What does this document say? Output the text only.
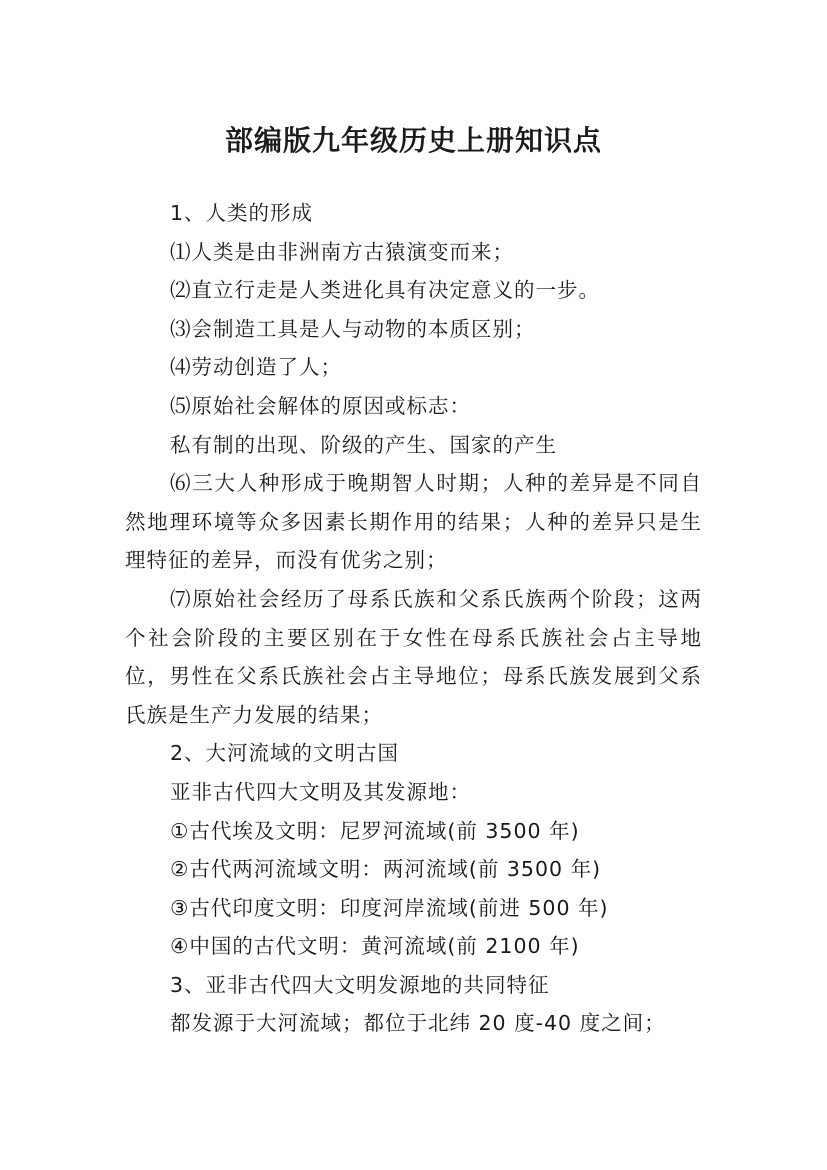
部编版九年级历史上册知识点

1、人类的形成

⑴人类是由非洲南方古猿演变而来；

⑵直立行走是人类进化具有决定意义的一步。

⑶会制造工具是人与动物的本质区别；

⑷劳动创造了人；

⑸原始社会解体的原因或标志：

私有制的出现、阶级的产生、国家的产生

⑹三大人种形成于晚期智人时期；人种的差异是不同自然地理环境等众多因素长期作用的结果；人种的差异只是生理特征的差异，而没有优劣之别；

⑺原始社会经历了母系氏族和父系氏族两个阶段；这两个社会阶段的主要区别在于女性在母系氏族社会占主导地位，男性在父系氏族社会占主导地位；母系氏族发展到父系氏族是生产力发展的结果；

2、大河流域的文明古国

亚非古代四大文明及其发源地：

①古代埃及文明：尼罗河流域(前 3500 年)

②古代两河流域文明：两河流域(前 3500 年)

③古代印度文明：印度河岸流域(前进 500 年)

④中国的古代文明：黄河流域(前 2100 年)

3、亚非古代四大文明发源地的共同特征

都发源于大河流域；都位于北纬 20 度-40 度之间；
